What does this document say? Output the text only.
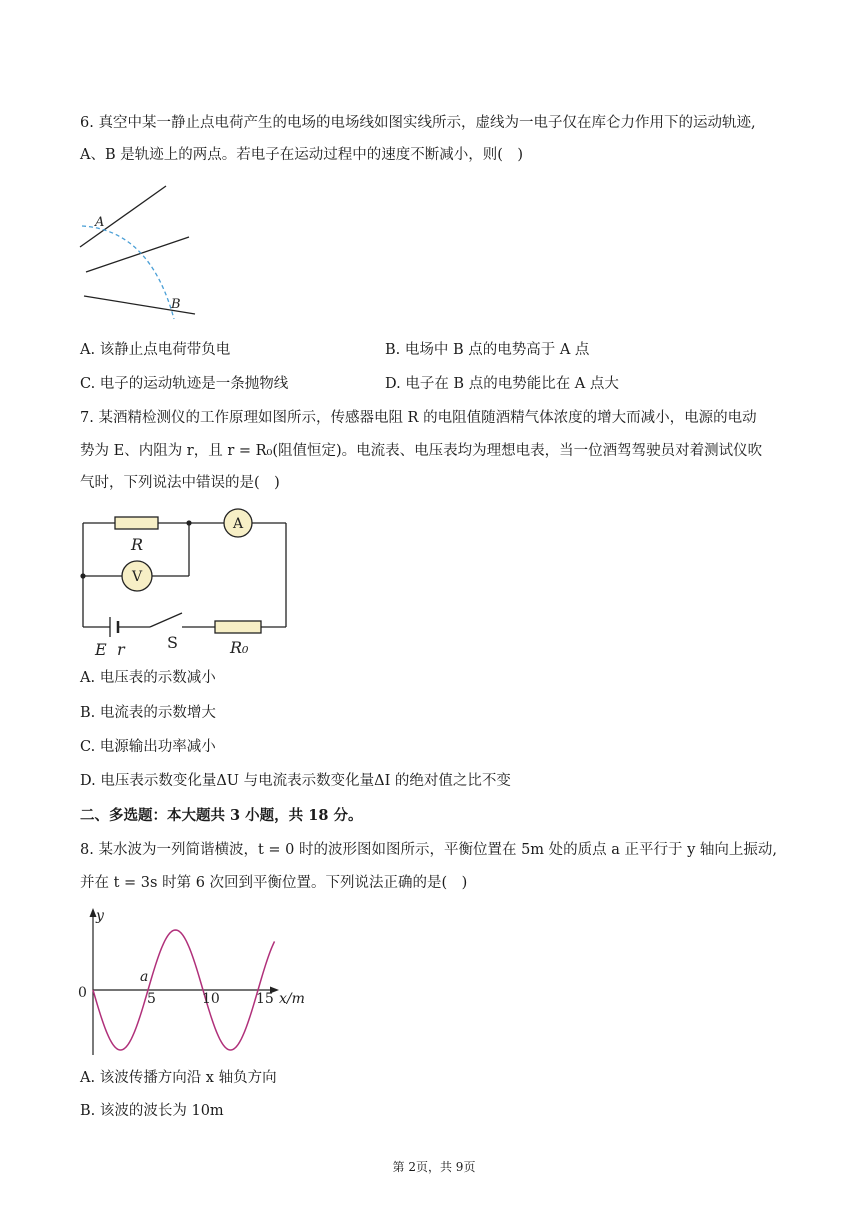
6. 真空中某一静止点电荷产生的电场的电场线如图实线所示，虚线为一电子仅在库仑力作用下的运动轨迹,
A、B 是轨迹上的两点。若电子在运动过程中的速度不断减小，则(　)
A
B
A. 该静止点电荷带负电	B. 电场中 B 点的电势高于 A 点
C. 电子的运动轨迹是一条抛物线	D. 电子在 B 点的电势能比在 A 点大
7. 某酒精检测仪的工作原理如图所示，传感器电阻 R 的电阻值随酒精气体浓度的增大而减小，电源的电动
势为 E、内阻为 r，且 r = R₀(阻值恒定)。电流表、电压表均为理想电表，当一位酒驾驾驶员对着测试仪吹
气时，下列说法中错误的是(　)
A
V
R
E r	S	R₀
A. 电压表的示数减小
B. 电流表的示数增大
C. 电源输出功率减小
D. 电压表示数变化量ΔU 与电流表示数变化量ΔI 的绝对值之比不变
二、多选题：本大题共 3 小题，共 18 分。
8. 某水波为一列简谐横波，t = 0 时的波形图如图所示，平衡位置在 5m 处的质点 a 正平行于 y 轴向上振动,
并在 t = 3s 时第 6 次回到平衡位置。下列说法正确的是(　)
y
0
a
5	10	15 x/m
A. 该波传播方向沿 x 轴负方向
B. 该波的波长为 10m
第 2页，共 9页
